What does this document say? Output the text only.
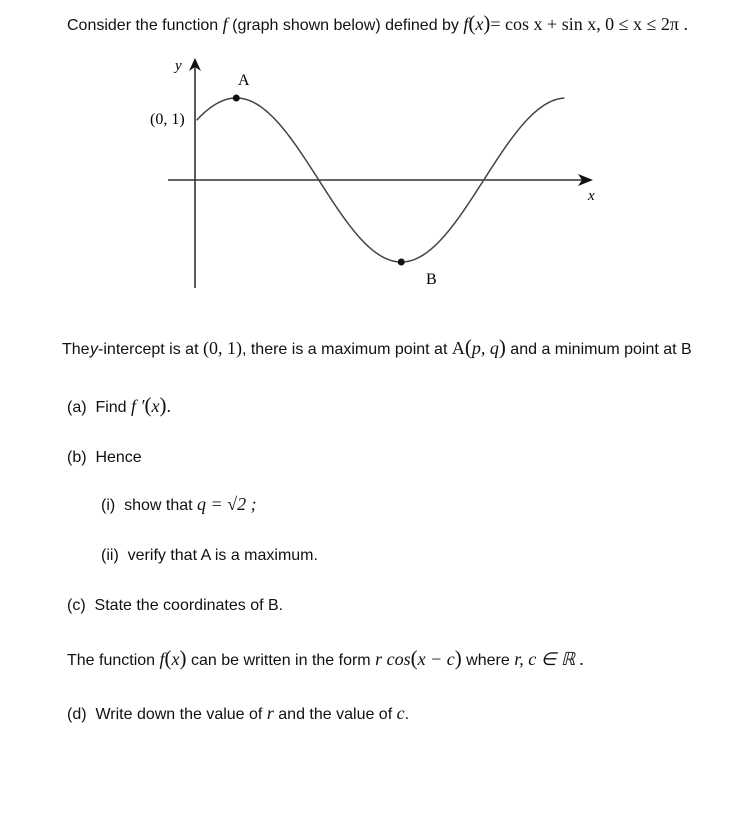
Consider the function f (graph shown below) defined by f(x)= cos x + sin x, 0 ≤ x ≤ 2π .
y
x
(0, 1)
A
B
The y-intercept is at (0, 1), there is a maximum point at A(p, q) and a minimum point at B
(a) Find f ′(x).
(b) Hence
(i) show that q = √2 ;
(ii) verify that A is a maximum.
(c) State the coordinates of B.
The function f(x) can be written in the form r cos(x − c) where r, c ∈ ℝ .
(d) Write down the value of r and the value of c.
